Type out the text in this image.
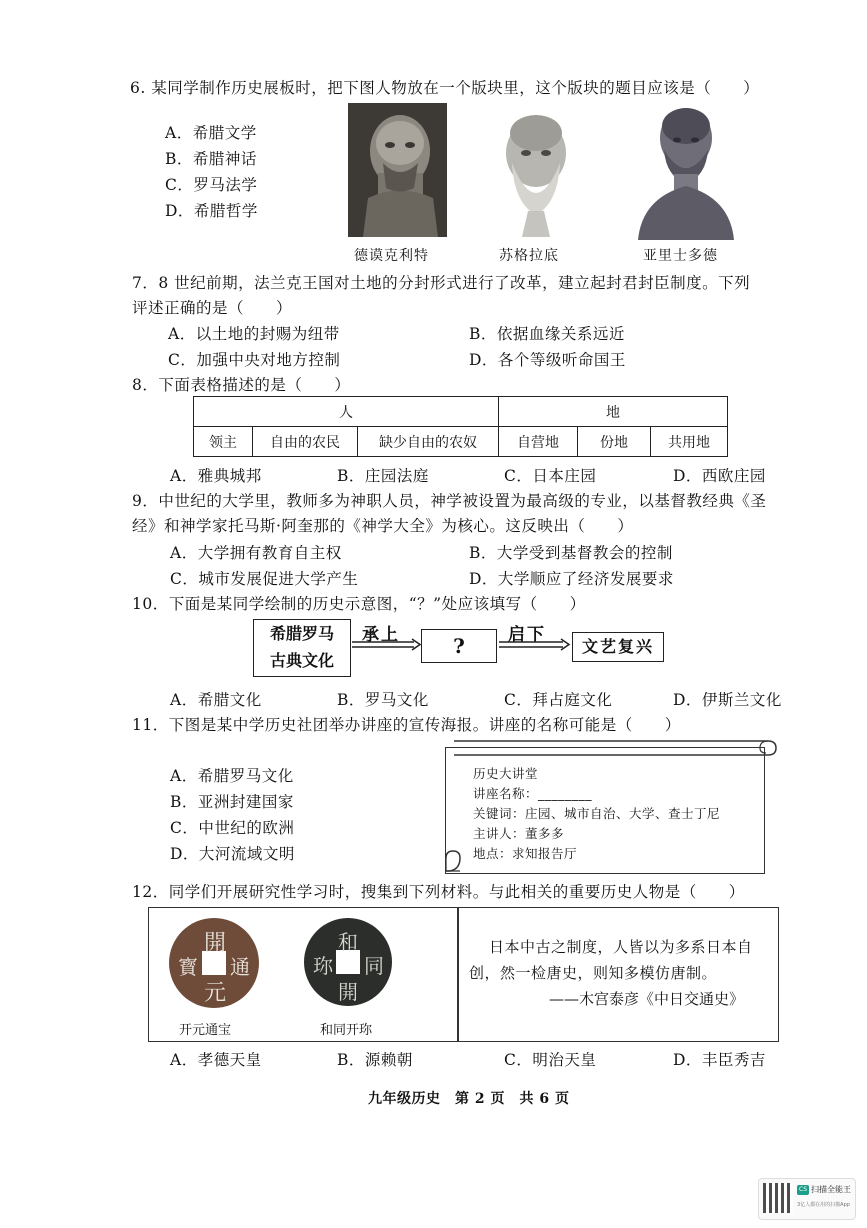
6. 某同学制作历史展板时，把下图人物放在一个版块里，这个版块的题目应该是（　　）
A．希腊文学
B．希腊神话
C．罗马法学
D．希腊哲学
德谟克利特	苏格拉底	亚里士多德
7．8 世纪前期，法兰克王国对土地的分封形式进行了改革，建立起封君封臣制度。下列
评述正确的是（　　）
A．以土地的封赐为纽带	B．依据血缘关系远近
C．加强中央对地方控制	D．各个等级听命国王
8．下面表格描述的是（　　）
人			地		
领主	自由的农民	缺少自由的农奴	自营地	份地	共用地
A．雅典城邦	B．庄园法庭	C．日本庄园	D．西欧庄园
9．中世纪的大学里，教师多为神职人员，神学被设置为最高级的专业，以基督教经典《圣
经》和神学家托马斯·阿奎那的《神学大全》为核心。这反映出（　　）
A．大学拥有教育自主权	B．大学受到基督教会的控制
C．城市发展促进大学产生	D．大学顺应了经济发展要求
10．下面是某同学绘制的历史示意图，“？”处应该填写（　　）
希腊罗马
古典文化
承上	?	启下
文艺复兴
A．希腊文化	B．罗马文化	C．拜占庭文化	D．伊斯兰文化
11．下图是某中学历史社团举办讲座的宣传海报。讲座的名称可能是（　　）
A．希腊罗马文化
B．亚洲封建国家
C．中世纪的欧洲
D．大河流域文明
历史大讲堂
讲座名称：________
关键词：庄园、城市自治、大学、查士丁尼
主讲人：董多多
地点：求知报告厅
12．同学们开展研究性学习时，搜集到下列材料。与此相关的重要历史人物是（　　）
開
元
通
寳
开元通宝
和
同
開
珎
和同开珎
日本中古之制度，人皆以为多系日本自
创，然一检唐史，则知多模仿唐制。
——木宫泰彦《中日交通史》
A．孝德天皇	B．源赖朝	C．明治天皇	D．丰臣秀吉
九年级历史　第 2 页　共 6 页
CS 扫描全能王
3亿人都在用的扫描App
